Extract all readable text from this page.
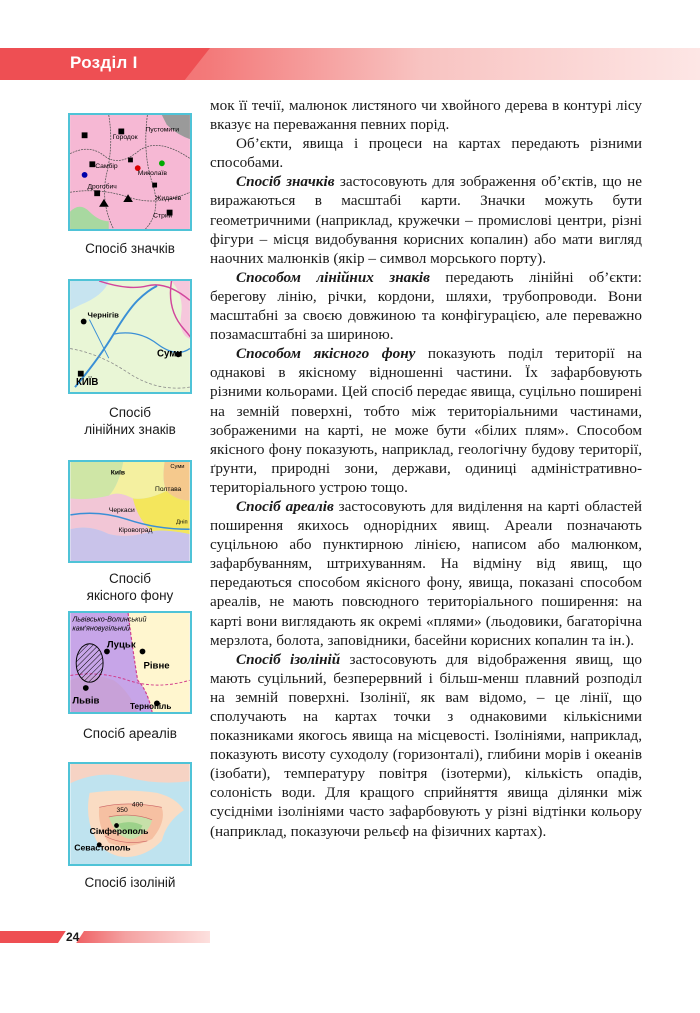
Розділ І
Городок
Пустомити
Самбір
Миколаїв
Дрогобич
Жидачів
Стрий
Спосіб значків
Чернігів
Суми
КИЇВ
Спосіб
лінійних знаків
Київ
Суми
Полтава
Черкаси
Кіровоград
Дніп
Спосіб
якісного фону
Львівсько-Волинський
кам'яновугільний
Луцьк
Рівне
Львів
Тернопіль
Спосіб ареалів
350
400
Сімферополь
Севастополь
Спосіб ізоліній

мок її течії, малюнок листяного чи хвойного дерева в контурі лісу вказує на переважання певних порід.

Об’єкти, явища і процеси на картах передають різними способами.

Спосіб значків застосовують для зображення об’єктів, що не виражаються в масштабі карти. Значки можуть бути геометричними (наприклад, кружечки – промислові центри, різні фігури – місця видобування корисних копалин) або мати вигляд наочних малюнків (якір – символ морського порту).

Способом лінійних знаків передають лінійні об’єкти: берегову лінію, річки, кордони, шляхи, трубопроводи. Вони масштабні за своєю довжиною та конфігурацією, але переважно позамасштабні за шириною.

Способом якісного фону показують поділ території на однакові в якісному відношенні частини. Їх зафарбовують різними кольорами. Цей спосіб передає явища, суцільно поширені на земній поверхні, тобто між територіальними частинами, зображеними на карті, не може бути «білих плям». Способом якісного фону показують, наприклад, геологічну будову території, ґрунти, природні зони, держави, одиниці адміністративно-територіального устрою тощо.

Спосіб ареалів застосовують для виділення на карті областей поширення якихось однорідних явищ. Ареали позначають суцільною або пунктирною лінією, написом або малюнком, зафарбуванням, штрихуванням. На відміну від явищ, що передаються способом якісного фону, явища, показані способом ареалів, не мають повсюдного територіального поширення: на карті вони виглядають як окремі «плями» (льодовики, багаторічна мерзлота, болота, заповідники, басейни корисних копалин та ін.).

Спосіб ізоліній застосовують для відображення явищ, що мають суцільний, безперервний і більш-менш плавний розподіл на земній поверхні. Ізолінії, як вам відомо, – це лінії, що сполучають на картах точки з однаковими кількісними показниками якогось явища на місцевості. Ізолініями, наприклад, показують висоту суходолу (горизонталі), глибини морів і океанів (ізобати), температуру повітря (ізотерми), кількість опадів, солоність води. Для кращого сприйняття явища ділянки між сусідніми ізолініями часто зафарбовують у різні відтінки кольору (наприклад, показуючи рельєф на фізичних картах).

24
